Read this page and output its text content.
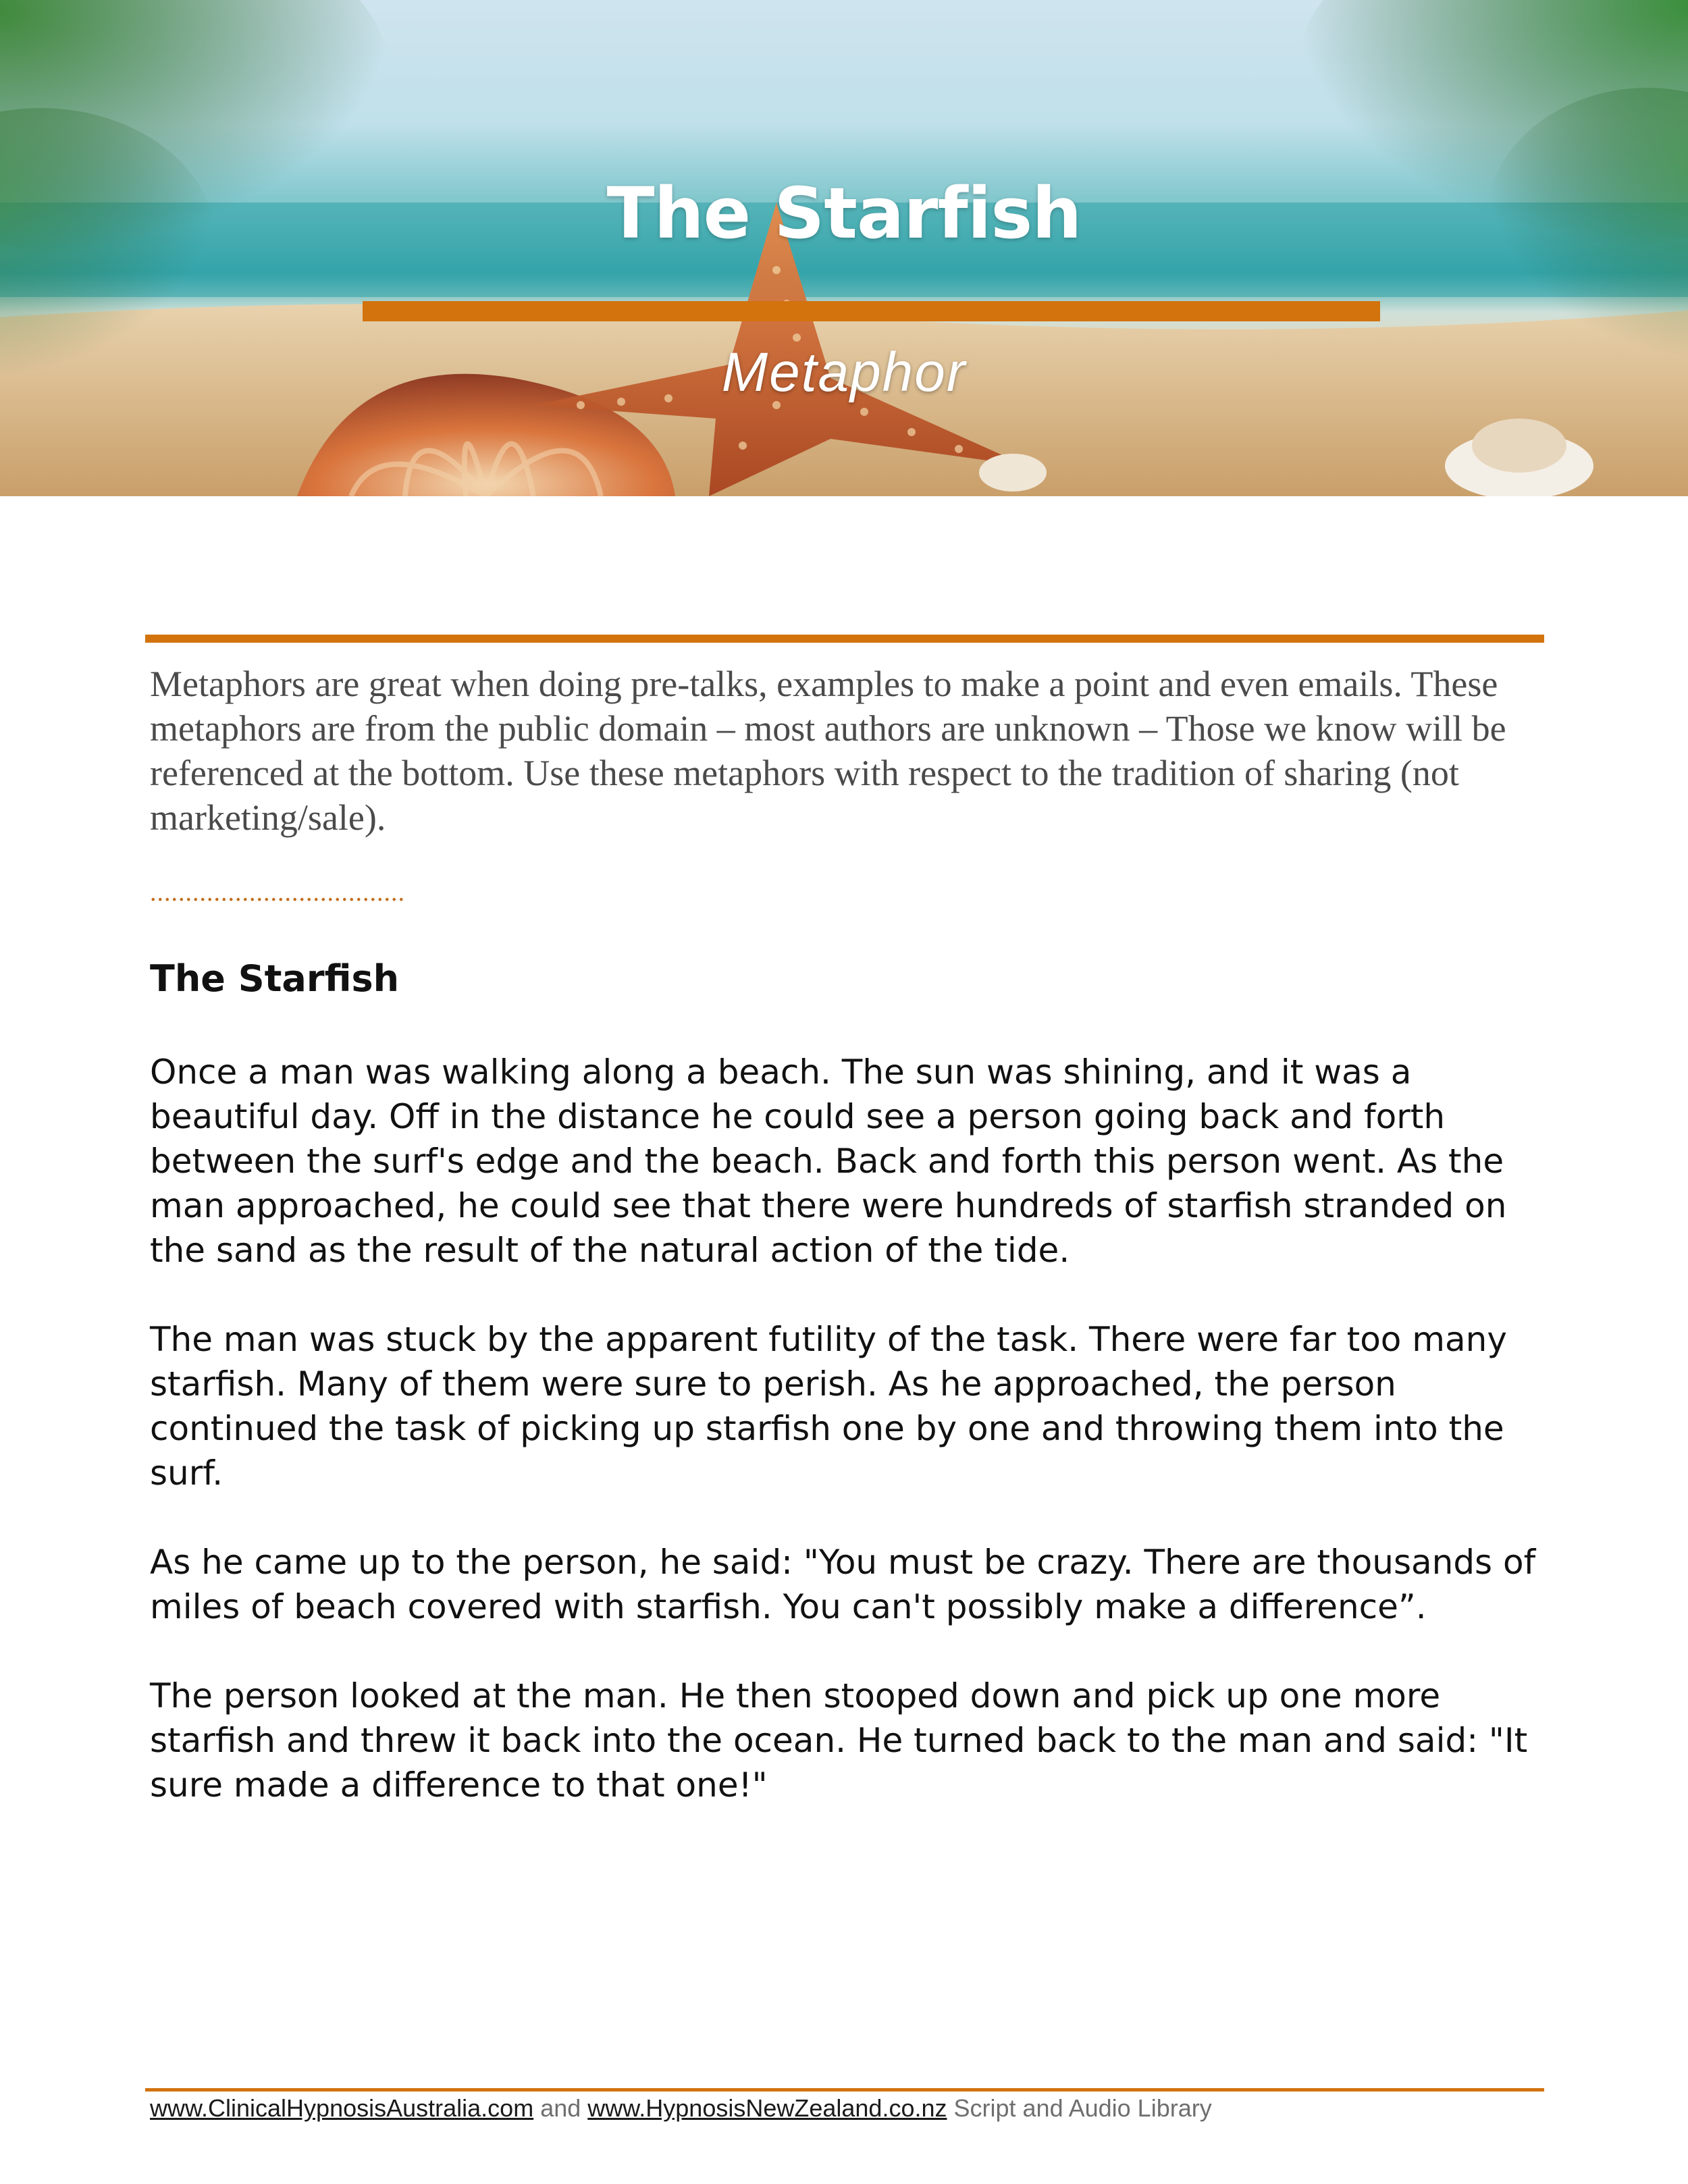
The Starfish
Metaphor
Metaphors are great when doing pre-talks, examples to make a point and even emails. These metaphors are from the public domain – most authors are unknown – Those we know will be referenced at the bottom. Use these metaphors with respect to the tradition of sharing (not marketing/sale).
....................................
The Starfish

Once a man was walking along a beach. The sun was shining, and it was a beautiful day. Off in the distance he could see a person going back and forth between the surf's edge and the beach. Back and forth this person went. As the man approached, he could see that there were hundreds of starfish stranded on the sand as the result of the natural action of the tide.

The man was stuck by the apparent futility of the task. There were far too many starfish. Many of them were sure to perish. As he approached, the person continued the task of picking up starfish one by one and throwing them into the surf.

As he came up to the person, he said: "You must be crazy. There are thousands of miles of beach covered with starfish. You can't possibly make a difference”.

The person looked at the man. He then stooped down and pick up one more starfish and threw it back into the ocean. He turned back to the man and said: "It sure made a difference to that one!"

www.ClinicalHypnosisAustralia.com and www.HypnosisNewZealand.co.nz Script and Audio Library
